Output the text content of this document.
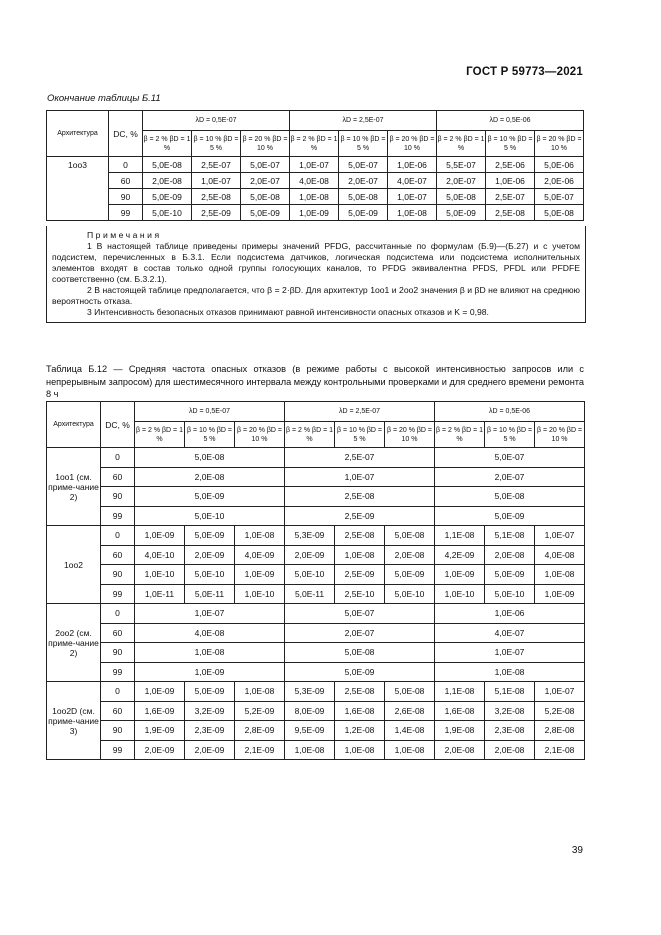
ГОСТ Р 59773—2021
Окончание таблицы Б.11
Архитектура	DC, %	λD = 0,5E-07			λD = 2,5E-07			λD = 0,5E-06		
		β = 2 % βD = 1 %	β = 10 % βD = 5 %	β = 20 % βD = 10 %	β = 2 % βD = 1 %	β = 10 % βD = 5 %	β = 20 % βD = 10 %	β = 2 % βD = 1 %	β = 10 % βD = 5 %	β = 20 % βD = 10 %
1oo3	0	5,0E-08	2,5E-07	5,0E-07	1,0E-07	5,0E-07	1,0E-06	5,5E-07	2,5E-06	5,0E-06
	60	2,0E-08	1,0E-07	2,0E-07	4,0E-08	2,0E-07	4,0E-07	2,0E-07	1,0E-06	2,0E-06
	90	5,0E-09	2,5E-08	5,0E-08	1,0E-08	5,0E-08	1,0E-07	5,0E-08	2,5E-07	5,0E-07
	99	5,0E-10	2,5E-09	5,0E-09	1,0E-09	5,0E-09	1,0E-08	5,0E-09	2,5E-08	5,0E-08

Примечания

1 В настоящей таблице приведены примеры значений PFDG, рассчитанные по формулам (Б.9)—(Б.27) и с учетом подсистем, перечисленных в Б.3.1. Если подсистема датчиков, логическая подсистема или подсистема исполнительных элементов входят в состав только одной группы голосующих каналов, то PFDG эквивалентна PFDS, PFDL или PFDFE соответственно (см. Б.3.2.1).

2 В настоящей таблице предполагается, что β = 2·βD. Для архитектур 1oo1 и 2oo2 значения β и βD не влияют на среднюю вероятность отказа.

3 Интенсивность безопасных отказов принимают равной интенсивности опасных отказов и K = 0,98.

Таблица Б.12 — Средняя частота опасных отказов (в режиме работы с высокой интенсивностью запросов или с непрерывным запросом) для шестимесячного интервала между контрольными проверками и для среднего времени ремонта 8 ч
Архитектура	DC, %	λD = 0,5E-07			λD = 2,5E-07			λD = 0,5E-06		
		β = 2 % βD = 1 %	β = 10 % βD = 5 %	β = 20 % βD = 10 %	β = 2 % βD = 1 %	β = 10 % βD = 5 %	β = 20 % βD = 10 %	β = 2 % βD = 1 %	β = 10 % βD = 5 %	β = 20 % βD = 10 %
1oo1 (см. приме-чание 2)	0	5,0E-08			2,5E-07			5,0E-07		
	60	2,0E-08			1,0E-07			2,0E-07		
	90	5,0E-09			2,5E-08			5,0E-08		
	99	5,0E-10			2,5E-09			5,0E-09		
1oo2	0	1,0E-09	5,0E-09	1,0E-08	5,3E-09	2,5E-08	5,0E-08	1,1E-08	5,1E-08	1,0E-07
	60	4,0E-10	2,0E-09	4,0E-09	2,0E-09	1,0E-08	2,0E-08	4,2E-09	2,0E-08	4,0E-08
	90	1,0E-10	5,0E-10	1,0E-09	5,0E-10	2,5E-09	5,0E-09	1,0E-09	5,0E-09	1,0E-08
	99	1,0E-11	5,0E-11	1,0E-10	5,0E-11	2,5E-10	5,0E-10	1,0E-10	5,0E-10	1,0E-09
2oo2 (см. приме-чание 2)	0	1,0E-07			5,0E-07			1,0E-06		
	60	4,0E-08			2,0E-07			4,0E-07		
	90	1,0E-08			5,0E-08			1,0E-07		
	99	1,0E-09			5,0E-09			1,0E-08		
1oo2D (см. приме-чание 3)	0	1,0E-09	5,0E-09	1,0E-08	5,3E-09	2,5E-08	5,0E-08	1,1E-08	5,1E-08	1,0E-07
	60	1,6E-09	3,2E-09	5,2E-09	8,0E-09	1,6E-08	2,6E-08	1,6E-08	3,2E-08	5,2E-08
	90	1,9E-09	2,3E-09	2,8E-09	9,5E-09	1,2E-08	1,4E-08	1,9E-08	2,3E-08	2,8E-08
	99	2,0E-09	2,0E-09	2,1E-09	1,0E-08	1,0E-08	1,0E-08	2,0E-08	2,0E-08	2,1E-08
39
